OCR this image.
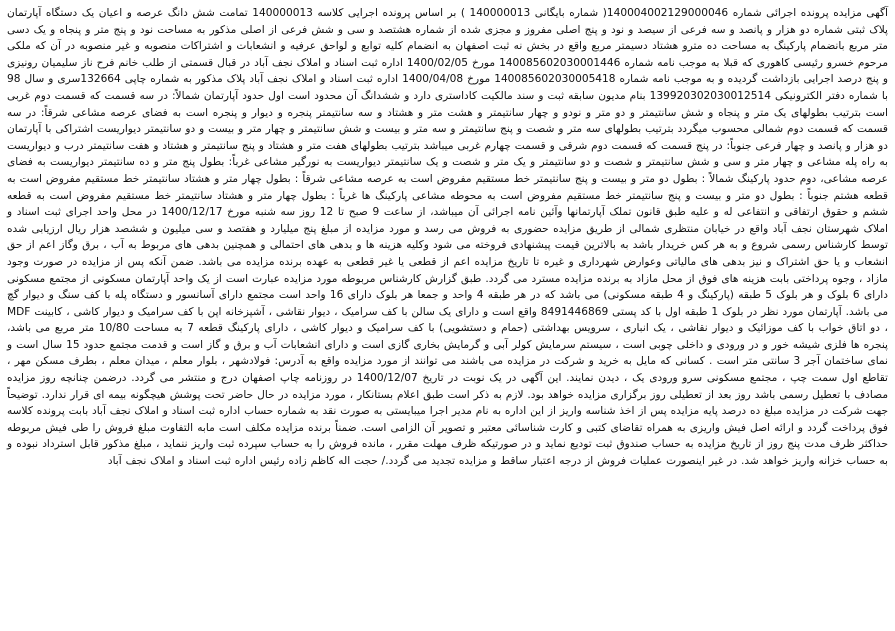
آگهی مزایده پرونده اجرائی شماره 140004002129000046( شماره بایگانی 140000013 ) بر اساس پرونده اجرایی کلاسه 140000013 تمامت شش دانگ عرصه و اعیان یک دستگاه آپارتمان پلاک ثبتی شماره دو هزار و پانصد و سه فرعی از سیصد و نود و پنج اصلی مفروز و مجزی شده از شماره هشتصد و سی و شش فرعی از اصلی مذکور به مساحت نود و پنج متر و پنجاه و یک دسی متر مربع بانضمام پارکینگ به مساحت ده مترو هشتاد دسیمتر مربع واقع در بخش نه ثبت اصفهان به انضمام کلیه توابع و لواحق عرفیه و انشعابات و اشتراکات منصوبه و غیر منصوبه در آن که ملکی مرحوم خسرو رئیسی کاهوری که قبلا به موجب نامه شماره 140085602030001446 مورخ 1400/02/05 اداره ثبت اسناد و املاک نجف آباد در قبال قسمتی از طلب خانم فرح ناز سلیمیان رونیزی و پنج درصد اجرایی بازداشت گردیده و به موجب نامه شماره 140085602030005418 مورخ 1400/04/08 اداره ثبت اسناد و املاک نجف آباد پلاک مذکور به شماره چاپی 132664سری و سال 98 با شماره دفتر الکترونیکی 139920302030012514 بنام مدیون سابقه ثبت و سند مالکیت کاداستری دارد و ششدانگ آن محدود است اول حدود آپارتمان شمالاً: در سه قسمت که قسمت دوم غربی است بترتیب بطولهای یک متر و پنجاه و شش سانتیمتر و دو متر و نودو و چهار سانتیمتر و هشت متر و هشتاد و سه سانتیمتر پنجره و دیوار و پنجره است به فضای عرصه مشاعی شرقاً: در سه قسمت که قسمت دوم شمالی محسوب میگردد بترتیب بطولهای سه متر و شصت و پنج سانتیمتر و سه متر و بیست و شش سانتیمتر و چهار متر و بیست و دو سانتیمتر دیواریست اشتراکی با آپارتمان دو هزار و پانصد و چهار فرعی جنوباً: در پنج قسمت که قسمت دوم شرقی و قسمت چهارم غربی میباشد بترتیب بطولهای هفت متر و هشتاد و پنج سانتیمتر و هشتاد و هفت سانتیمتر درب و دیواریست به راه پله مشاعی و چهار متر و سی و شش سانتیمتر و شصت و دو سانتیمتر و یک متر و شصت و یک سانتیمتر دیواریست به نورگیر مشاعی غرباً: بطول پنج متر و ده سانتیمتر دیواریست به فضای عرصه مشاعی، دوم حدود پارکینگ شمالاً : بطول دو متر و بیست و پنج سانتیمتر خط مستقیم مفروض است به عرصه مشاعی شرقاً : بطول چهار متر و هشتاد سانتیمتر خط مستقیم مفروض است به قطعه هشتم جنوباً : بطول دو متر و بیست و پنج سانتیمتر خط مستقیم مفروض است به محوطه مشاعی پارکینگ ها غرباً : بطول چهار متر و هشتاد سانتیمتر خط مستقیم مفروض است به قطعه ششم و حقوق ارتفاقی و انتفاعی له و علیه طبق قانون تملک آپارتمانها وآئین نامه اجرائی آن میباشد، از ساعت 9 صبح تا 12 روز سه شنبه مورخ 1400/12/17 در محل واحد اجرای ثبت اسناد و املاک شهرستان نجف آباد واقع در خیابان منتظری شمالی از طریق مزایده حضوری به فروش می رسد و مورد مزایده از مبلغ پنج میلیارد و هفتصد و سی میلیون و ششصد هزار ریال ارزیابی شده توسط کارشناس رسمی شروع و به هر کس خریدار باشد به بالاترین قیمت پیشنهادی فروخته می شود وکلیه هزینه ها و بدهی های احتمالی و همچنین بدهی های مربوط به آب ، برق وگاز اعم از حق انشعاب و یا حق اشتراک و نیز بدهی های مالیاتی وعوارض شهرداری و غیره تا تاریخ مزایده اعم از قطعی یا غیر قطعی به عهده برنده مزایده می باشد. ضمن آنکه پس از مزایده در صورت وجود مازاد ، وجوه پرداختی بابت هزینه های فوق از محل مازاد به برنده مزایده مسترد می گردد. طبق گزارش کارشناس مربوطه مورد مزایده عبارت است از یک واحد آپارتمان مسکونی از مجتمع مسکونی دارای 6 بلوک و هر بلوک 5 طبقه (پارکینگ و 4 طبقه مسکونی) می باشد که در هر طبقه 4 واحد و جمعا هر بلوک دارای 16 واحد است مجتمع دارای آسانسور و دستگاه پله با کف سنگ و دیوار گچ می باشد. آپارتمان مورد نظر در بلوک 1 طبقه اول با کد پستی 8491446869 واقع است و دارای یک سالن با کف سرامیک ، دیوار نقاشی ، آشپزخانه اپن با کف سرامیک و دیوار کاشی ، کابینت MDF ، دو اتاق خواب با کف موزائیک و دیوار نقاشی ، یک انباری ، سرویس بهداشتی (حمام و دستشویی) با کف سرامیک و دیوار کاشی ، دارای پارکینگ قطعه 7 به مساحت 10/80 متر مربع می باشد، پنجره ها فلزی شیشه خور و در ورودی و داخلی چوبی است ، سیستم سرمایش کولر آبی و گرمایش بخاری گازی است و دارای انشعابات آب و برق و گاز است و قدمت مجتمع حدود 15 سال است و نمای ساختمان آجر 3 سانتی متر است . کسانی که مایل به خرید و شرکت در مزایده می باشند می توانند از مورد مزایده واقع به آدرس: فولادشهر ، بلوار معلم ، میدان معلم ، بطرف مسکن مهر ، تقاطع اول سمت چپ ، مجتمع مسکونی سرو ورودی یک ، دیدن نمایند. این آگهی در یک نوبت در تاریخ 1400/12/07 در روزنامه چاپ اصفهان درج و منتشر می گردد. درضمن چنانچه روز مزایده مصادف با تعطیل رسمی باشد روز بعد از تعطیلی روز برگزاری مزایده خواهد بود. لازم به ذکر است طبق اعلام بستانکار ، مورد مزایده در حال حاضر تحت پوشش هیچگونه بیمه ای قرار ندارد. توضیحاً جهت شرکت در مزایده مبلغ ده درصد پایه مزایده پس از اخذ شناسه واریز از این اداره به نام مدیر اجرا میبایستی به صورت نقد به شماره حساب اداره ثبت اسناد و املاک نجف آباد بابت پرونده کلاسه فوق پرداخت گردد و ارائه اصل فیش واریزی به همراه تقاضای کتبی و کارت شناسائی معتبر و تصویر آن الزامی است. ضمناً برنده مزایده مکلف است مابه التفاوت مبلغ فروش را طی فیش مربوطه حداکثر ظرف مدت پنج روز از تاریخ مزایده به حساب صندوق ثبت تودیع نماید و در صورتیکه ظرف مهلت مقرر ، مانده فروش را به حساب سپرده ثبت واریز ننماید ، مبلغ مذکور قابل استرداد نبوده و به حساب خزانه واریز خواهد شد. در غیر اینصورت عملیات فروش از درجه اعتبار ساقط و مزایده تجدید می گردد./ حجت اله کاظم زاده رئیس اداره ثبت اسناد و املاک نجف آباد
